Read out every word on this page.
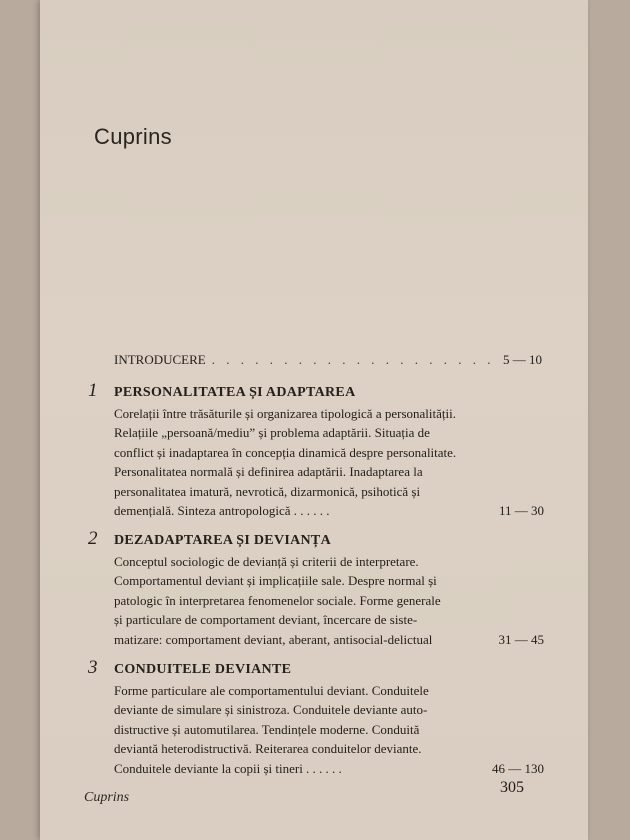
Cuprins
INTRODUCERE . . . . . . . . . . . . . . . . . . . . 5 — 10
1	PERSONALITATEA ȘI ADAPTAREA
Corelații între trăsăturile și organizarea tipologică a personalității.
Relațiile „persoană/mediu” și problema adaptării. Situația de
conflict și inadaptarea în concepția dinamică despre personalitate.
Personalitatea normală și definirea adaptării. Inadaptarea la
personalitatea imatură, nevrotică, dizarmonică, psihotică și
demențială. Sinteza antropologică . . . . . .	11 — 30
2	DEZADAPTAREA ȘI DEVIANȚA
Conceptul sociologic de devianță și criterii de interpretare.
Comportamentul deviant și implicațiile sale. Despre normal și
patologic în interpretarea fenomenelor sociale. Forme generale
și particulare de comportament deviant, încercare de siste-
matizare: comportament deviant, aberant, antisocial-delictual	31 — 45
3	CONDUITELE DEVIANTE
Forme particulare ale comportamentului deviant. Conduitele
deviante de simulare și sinistroza. Conduitele deviante auto-
distructive și automutilarea. Tendințele moderne. Conduită
deviantă heterodistructivă. Reiterarea conduitelor deviante.
Conduitele deviante la copii și tineri . . . . . .	46 — 130
Cuprins
305
